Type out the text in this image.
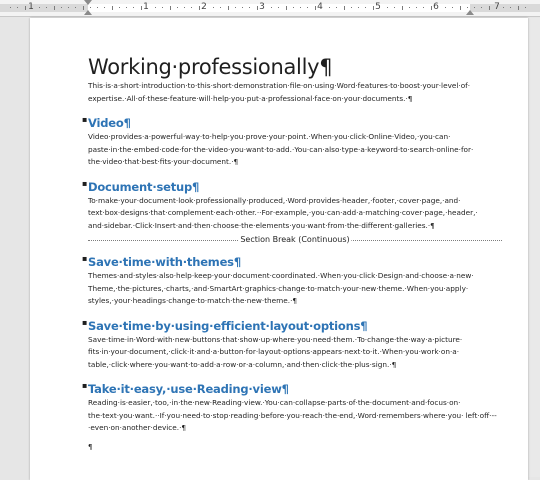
1	1	2	3	4	5	6	7
Working·professionally¶

This·is·a·short·introduction·to·this·short·demonstration·file·on·using·Word·features·to·boost·your·level·of· expertise.·All·of·these·feature·will·help·you·put·a·professional·face·on·your·documents.·¶

▪ Video¶

Video·provides·a·powerful·way·to·help·you·prove·your·point.·When·you·click·Online·Video,·you·can· paste·in·the·embed·code·for·the·video·you·want·to·add.·You·can·also·type·a·keyword·to·search·online·for· the·video·that·best·fits·your·document.·¶

▪ Document·setup¶

To·make·your·document·look·professionally·produced,·Word·provides·header,·footer,·cover·page,·and· text·box·designs·that·complement·each·other.··For·example,·you·can·add·a·matching·cover·page,·header,· and·sidebar.·Click·Insert·and·then·choose·the·elements·you·want·from·the·different·galleries.·¶

Section Break (Continuous)
▪ Save·time·with·themes¶

Themes·and·styles·also·help·keep·your·document·coordinated.·When·you·click·Design·and·choose·a·new· Theme,·the·pictures,·charts,·and·SmartArt·graphics·change·to·match·your·new·theme.·When·you·apply· styles,·your·headings·change·to·match·the·new·theme.·¶

▪ Save·time·by·using·efficient·layout·options¶

Save·time·in·Word·with·new·buttons·that·show·up·where·you·need·them.·To·change·the·way·a·picture· fits·in·your·document,·click·it·and·a·button·for·layout·options·appears·next·to·it.·When·you·work·on·a· table,·click·where·you·want·to·add·a·row·or·a·column,·and·then·click·the·plus·sign.·¶

▪ Take·it·easy,·use·Reading·view¶

Reading·is·easier,·too,·in·the·new·Reading·view.·You·can·collapse·parts·of·the·document·and·focus·on· the·text·you·want.··If·you·need·to·stop·reading·before·you·reach·the·end,·Word·remembers·where·you· left·off·--·even·on·another·device.·¶

¶
